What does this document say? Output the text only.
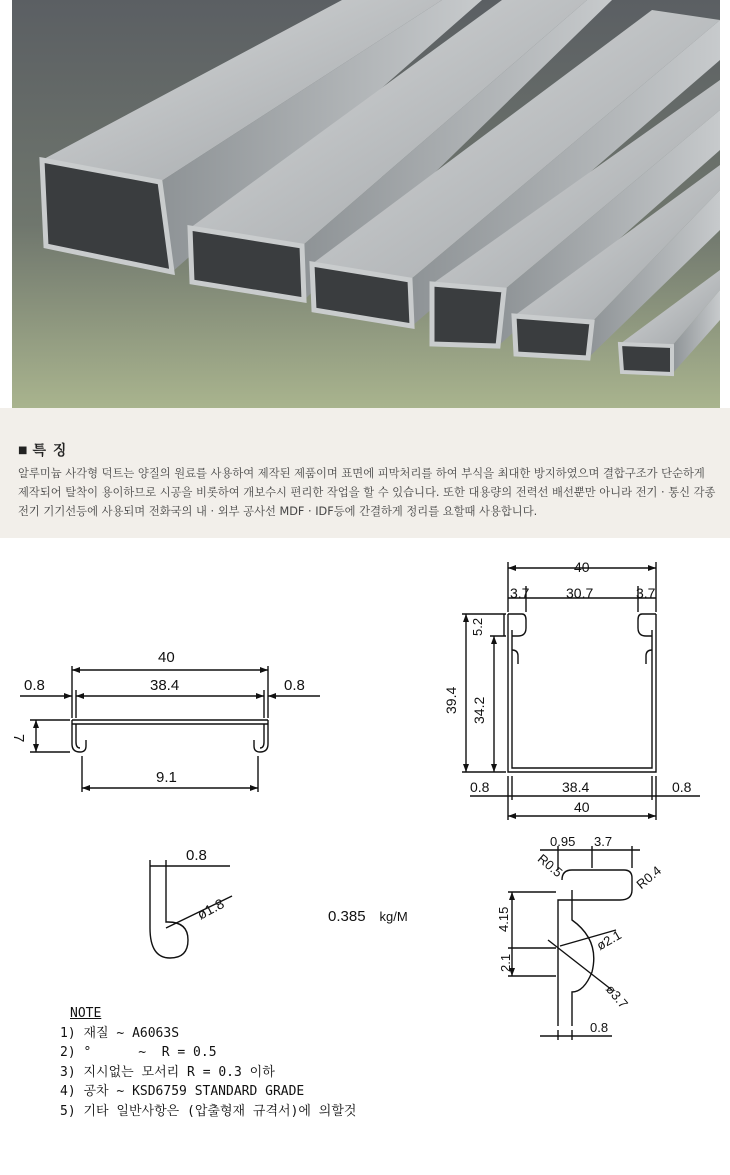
■ 특 징

알루미늄 사각형 덕트는 양질의 원료를 사용하여 제작된 제품이며 표면에 피막처리를 하여 부식을 최대한 방지하였으며 결합구조가 단순하게 제작되어 탈착이 용이하므로 시공을 비롯하여 개보수시 편리한 작업을 할 수 있습니다. 또한 대용량의 전력선 배선뿐만 아니라 전기 · 통신 각종 전기 기기선등에 사용되며 전화국의 내 · 외부 공사선 MDF · IDF등에 간결하게 정리를 요할때 사용합니다.

40
0.8	38.4	0.8
7
9.1
40
3.7	30.7	3.7
5.2
39.4 34.2
0.8	38.4	0.8
40
0.8
ø1.8
0.95 3.7
R0.5	R0.4
4.15
2.1
ø2.1
ø3.7
0.8
0.385 kg/M
NOTE
1) 재질 ~ A6063S
2) °      ~  R = 0.5
3) 지시없는 모서리 R = 0.3 이하
4) 공차 ~ KSD6759 STANDARD GRADE
5) 기타 일반사항은 (압출형재 규격서)에 의할것
